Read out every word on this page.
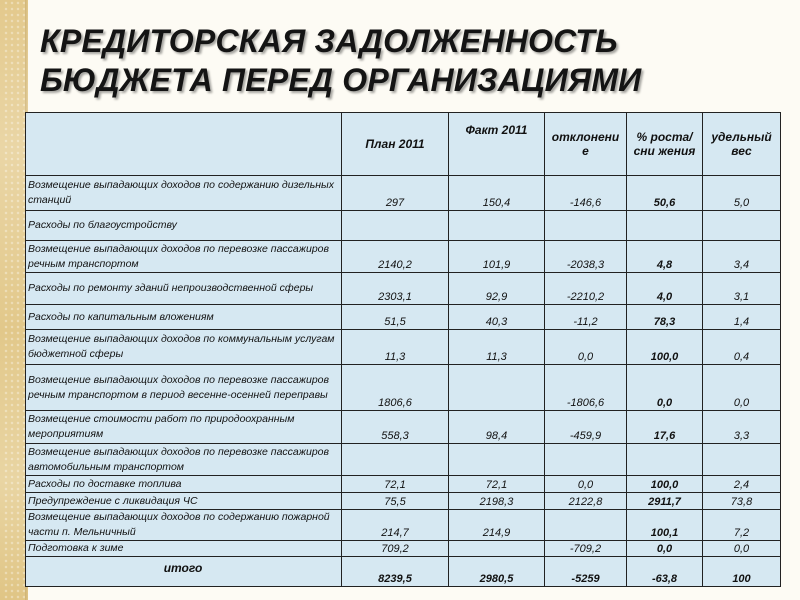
КРЕДИТОРСКАЯ ЗАДОЛЖЕННОСТЬ
БЮДЖЕТА ПЕРЕД ОРГАНИЗАЦИЯМИ
	План 2011	Факт 2011	отклонени е	% роста/сни жения	удельный вес
Возмещение выпадающих доходов по содержанию дизельных станций	297	150,4	-146,6	50,6	5,0
Расходы по благоустройству					
Возмещение выпадающих доходов по перевозке пассажиров речным транспортом	2140,2	101,9	-2038,3	4,8	3,4
Расходы по ремонту зданий непроизводственной сферы	2303,1	92,9	-2210,2	4,0	3,1
Расходы по капитальным вложениям	51,5	40,3	-11,2	78,3	1,4
Возмещение выпадающих доходов по коммунальным услугам бюджетной сферы	11,3	11,3	0,0	100,0	0,4
Возмещение выпадающих доходов по перевозке пассажиров речным транспортом в период весенне-осенней переправы	1806,6		-1806,6	0,0	0,0
Возмещение стоимости работ по природоохранным мероприятиям	558,3	98,4	-459,9	17,6	3,3
Возмещение выпадающих доходов по перевозке пассажиров автомобильным транспортом					
Расходы по доставке топлива	72,1	72,1	0,0	100,0	2,4
Предупреждение с ликвидация ЧС	75,5	2198,3	2122,8	2911,7	73,8
Возмещение выпадающих доходов по содержанию пожарной части п. Мельничный	214,7	214,9		100,1	7,2
Подготовка к зиме	709,2		-709,2	0,0	0,0
итого	8239,5	2980,5	-5259	-63,8	100
